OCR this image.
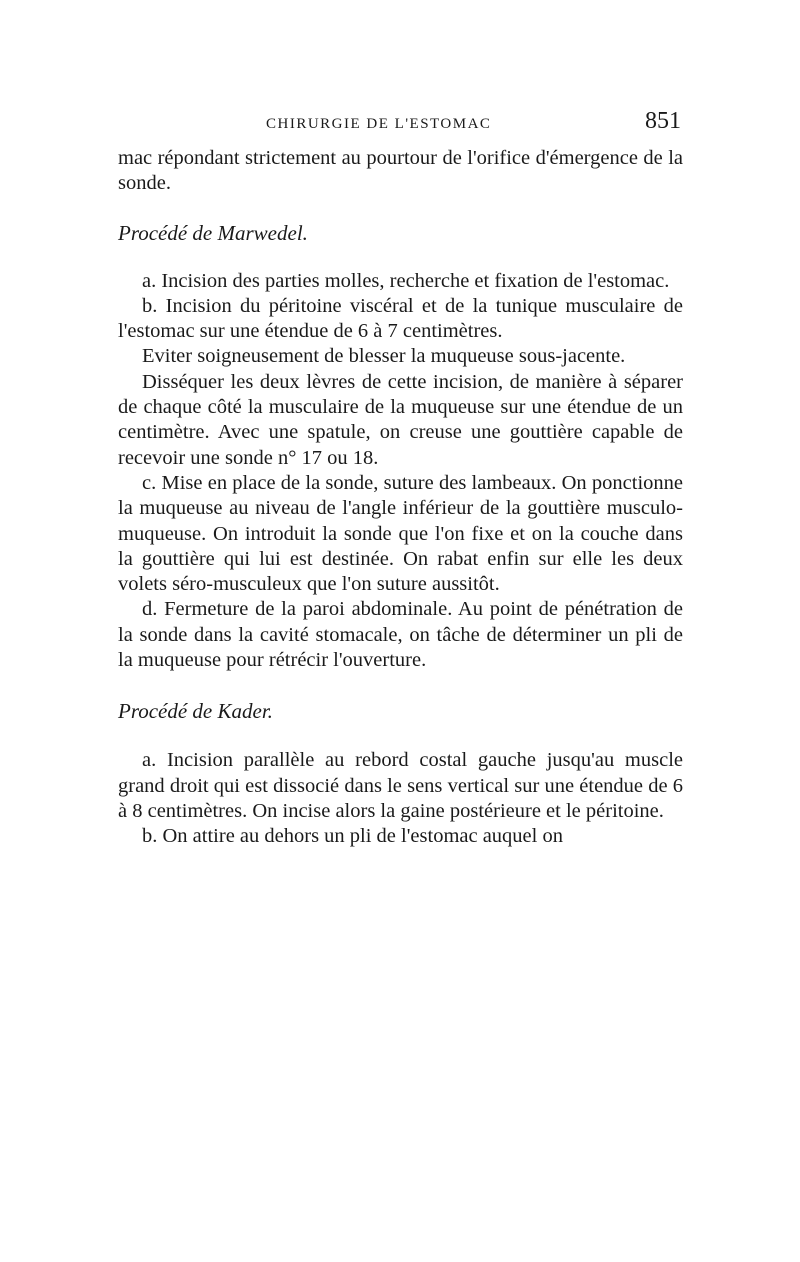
CHIRURGIE DE L'ESTOMAC	851

mac répondant strictement au pourtour de l'orifice d'émergence de la sonde.

Procédé de Marwedel.

a. Incision des parties molles, recherche et fixation de l'estomac.

b. Incision du péritoine viscéral et de la tunique musculaire de l'estomac sur une étendue de 6 à 7 centimètres.

Eviter soigneusement de blesser la muqueuse sous-jacente.

Disséquer les deux lèvres de cette incision, de manière à séparer de chaque côté la musculaire de la muqueuse sur une étendue de un centimètre. Avec une spatule, on creuse une gouttière capable de recevoir une sonde n° 17 ou 18.

c. Mise en place de la sonde, suture des lambeaux. On ponctionne la muqueuse au niveau de l'angle inférieur de la gouttière musculo-muqueuse. On introduit la sonde que l'on fixe et on la couche dans la gouttière qui lui est destinée. On rabat enfin sur elle les deux volets séro-musculeux que l'on suture aussitôt.

d. Fermeture de la paroi abdominale. Au point de pénétration de la sonde dans la cavité stomacale, on tâche de déterminer un pli de la muqueuse pour rétrécir l'ouverture.

Procédé de Kader.

a. Incision parallèle au rebord costal gauche jusqu'au muscle grand droit qui est dissocié dans le sens vertical sur une étendue de 6 à 8 centimètres. On incise alors la gaine postérieure et le péritoine.

b. On attire au dehors un pli de l'estomac auquel on
